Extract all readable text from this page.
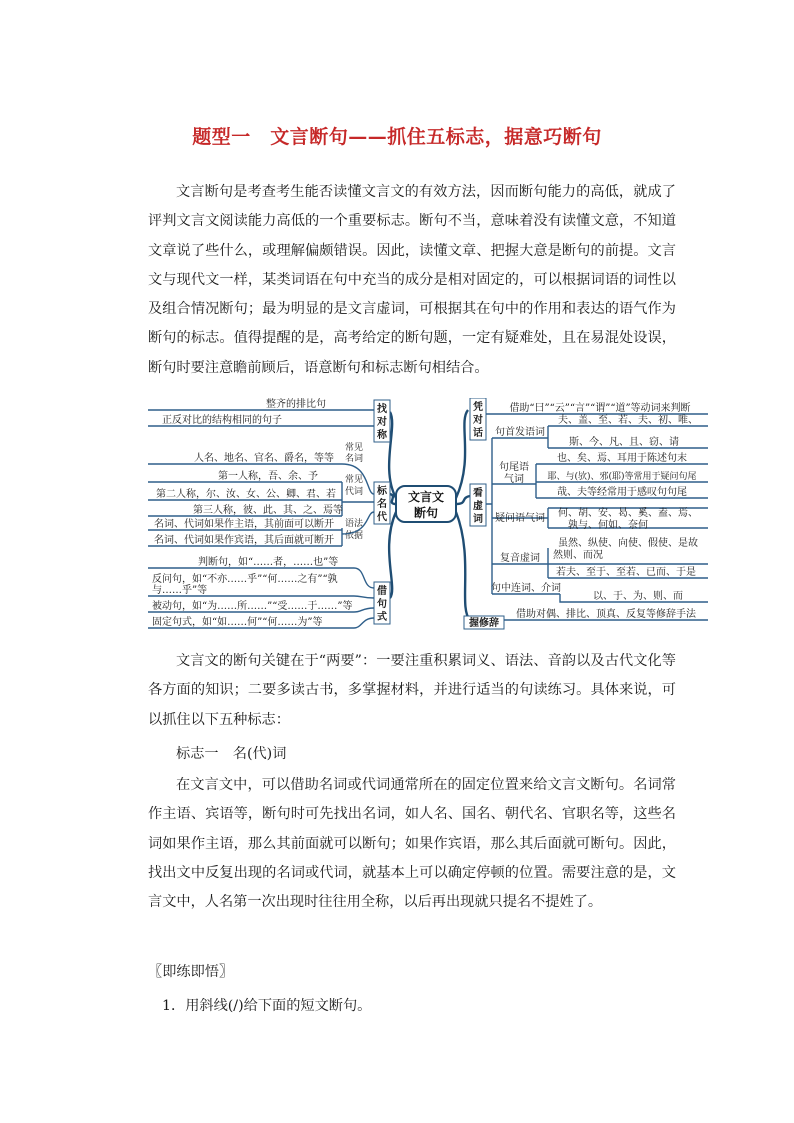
题型一　文言断句——抓住五标志，据意巧断句

文言断句是考查考生能否读懂文言文的有效方法，因而断句能力的高低，就成了评判文言文阅读能力高低的一个重要标志。断句不当，意味着没有读懂文意，不知道文章说了些什么，或理解偏颇错误。因此，读懂文章、把握大意是断句的前提。文言文与现代文一样，某类词语在句中充当的成分是相对固定的，可以根据词语的词性以及组合情况断句；最为明显的是文言虚词，可根据其在句中的作用和表达的语气作为断句的标志。值得提醒的是，高考给定的断句题，一定有疑难处，且在易混处设误，断句时要注意瞻前顾后，语意断句和标志断句相结合。

文言文
断句
找
对
称
整齐的排比句
正反对比的结构相同的句子
标
名
代
常见
名词
人名、地名、官名、爵名，等等
常见
代词
第一人称，吾、余、予
第二人称，尔、汝、女、公、卿、君、若
第三人称，彼、此、其、之、焉等
语法
依据
名词、代词如果作主语，其前面可以断开
名词、代词如果作宾语，其后面就可断开
借
句
式
判断句，如“……者，……也”等
反问句，如“不亦……乎”“何……之有”“孰
与……乎”等
被动句，如“为……所……”“受……于……”等
固定句式，如“如……何”“何……为”等
凭
对
话
借助“曰”“云”“言”“谓”“道”等动词来判断
看
虚
词
句首发语词
夫、盖、至、若、夫、初、唯、
斯、今、凡、且、窃、请
句尾语
气词
也、矣、焉、耳用于陈述句末
耶、与(欤)、邪(耶)等常用于疑问句尾
哉、夫等经常用于感叹句句尾
疑问语气词 何、胡、安、曷、奚、盍、焉、
孰与、何如、奈何
复音虚词
虽然、纵使、向使、假使、是故
然则、而况
若夫、至于、至若、已而、于是
句中连词、介词
以、于、为、则、而
握修辞
借助对偶、排比、顶真、反复等修辞手法

文言文的断句关键在于“两要”：一要注重积累词义、语法、音韵以及古代文化等各方面的知识；二要多读古书，多掌握材料，并进行适当的句读练习。具体来说，可以抓住以下五种标志：

标志一　名(代)词

在文言文中，可以借助名词或代词通常所在的固定位置来给文言文断句。名词常作主语、宾语等，断句时可先找出名词，如人名、国名、朝代名、官职名等，这些名词如果作主语，那么其前面就可以断句；如果作宾语，那么其后面就可断句。因此，找出文中反复出现的名词或代词，就基本上可以确定停顿的位置。需要注意的是，文言文中，人名第一次出现时往往用全称，以后再出现就只提名不提姓了。

〖即练即悟〗
1．用斜线(/)给下面的短文断句。
